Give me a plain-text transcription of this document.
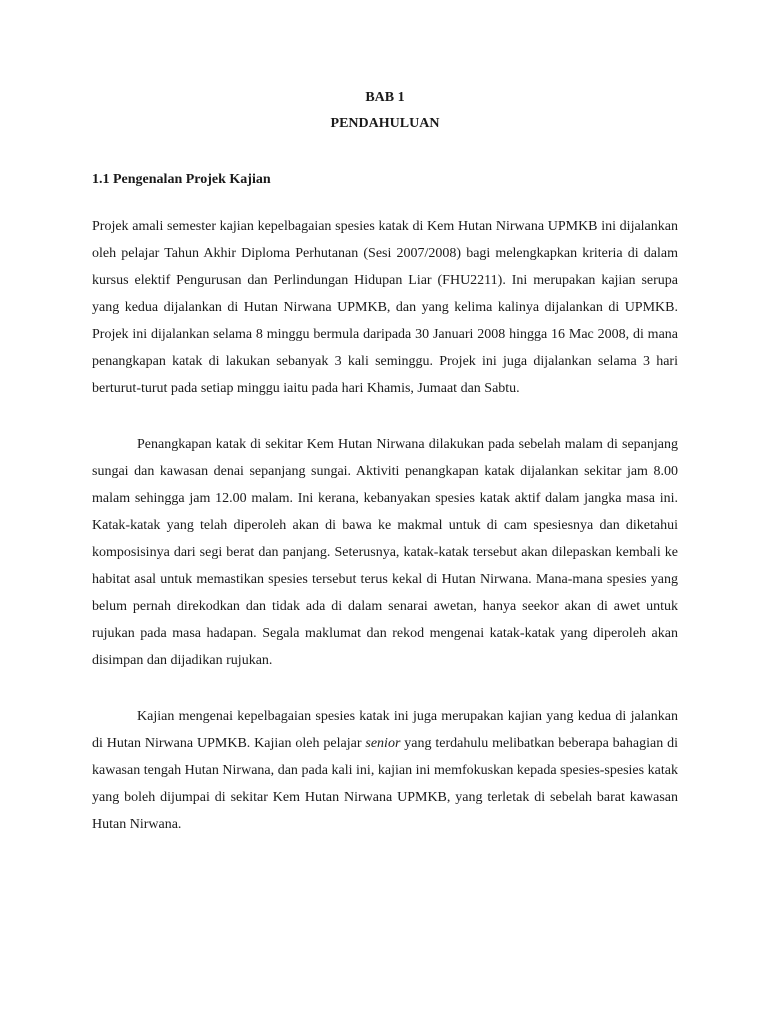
BAB 1

PENDAHULUAN

1.1 Pengenalan Projek Kajian

Projek amali semester kajian kepelbagaian spesies katak di Kem Hutan Nirwana UPMKB ini dijalankan oleh pelajar Tahun Akhir Diploma Perhutanan (Sesi 2007/2008) bagi melengkapkan kriteria di dalam kursus elektif Pengurusan dan Perlindungan Hidupan Liar (FHU2211). Ini merupakan kajian serupa yang kedua dijalankan di Hutan Nirwana UPMKB, dan yang kelima kalinya dijalankan di UPMKB. Projek ini dijalankan selama 8 minggu bermula daripada 30 Januari 2008 hingga 16 Mac 2008, di mana penangkapan katak di lakukan sebanyak 3 kali seminggu. Projek ini juga dijalankan selama 3 hari berturut-turut pada setiap minggu iaitu pada hari Khamis, Jumaat dan Sabtu.

Penangkapan katak di sekitar Kem Hutan Nirwana dilakukan pada sebelah malam di sepanjang sungai dan kawasan denai sepanjang sungai. Aktiviti penangkapan katak dijalankan sekitar jam 8.00 malam sehingga jam 12.00 malam. Ini kerana, kebanyakan spesies katak aktif dalam jangka masa ini. Katak-katak yang telah diperoleh akan di bawa ke makmal untuk di cam spesiesnya dan diketahui komposisinya dari segi berat dan panjang. Seterusnya, katak-katak tersebut akan dilepaskan kembali ke habitat asal untuk memastikan spesies tersebut terus kekal di Hutan Nirwana. Mana-mana spesies yang belum pernah direkodkan dan tidak ada di dalam senarai awetan, hanya seekor akan di awet untuk rujukan pada masa hadapan. Segala maklumat dan rekod mengenai katak-katak yang diperoleh akan disimpan dan dijadikan rujukan.

Kajian mengenai kepelbagaian spesies katak ini juga merupakan kajian yang kedua di jalankan di Hutan Nirwana UPMKB. Kajian oleh pelajar senior yang terdahulu melibatkan beberapa bahagian di kawasan tengah Hutan Nirwana, dan pada kali ini, kajian ini memfokuskan kepada spesies-spesies katak yang boleh dijumpai di sekitar Kem Hutan Nirwana UPMKB, yang terletak di sebelah barat kawasan Hutan Nirwana.
